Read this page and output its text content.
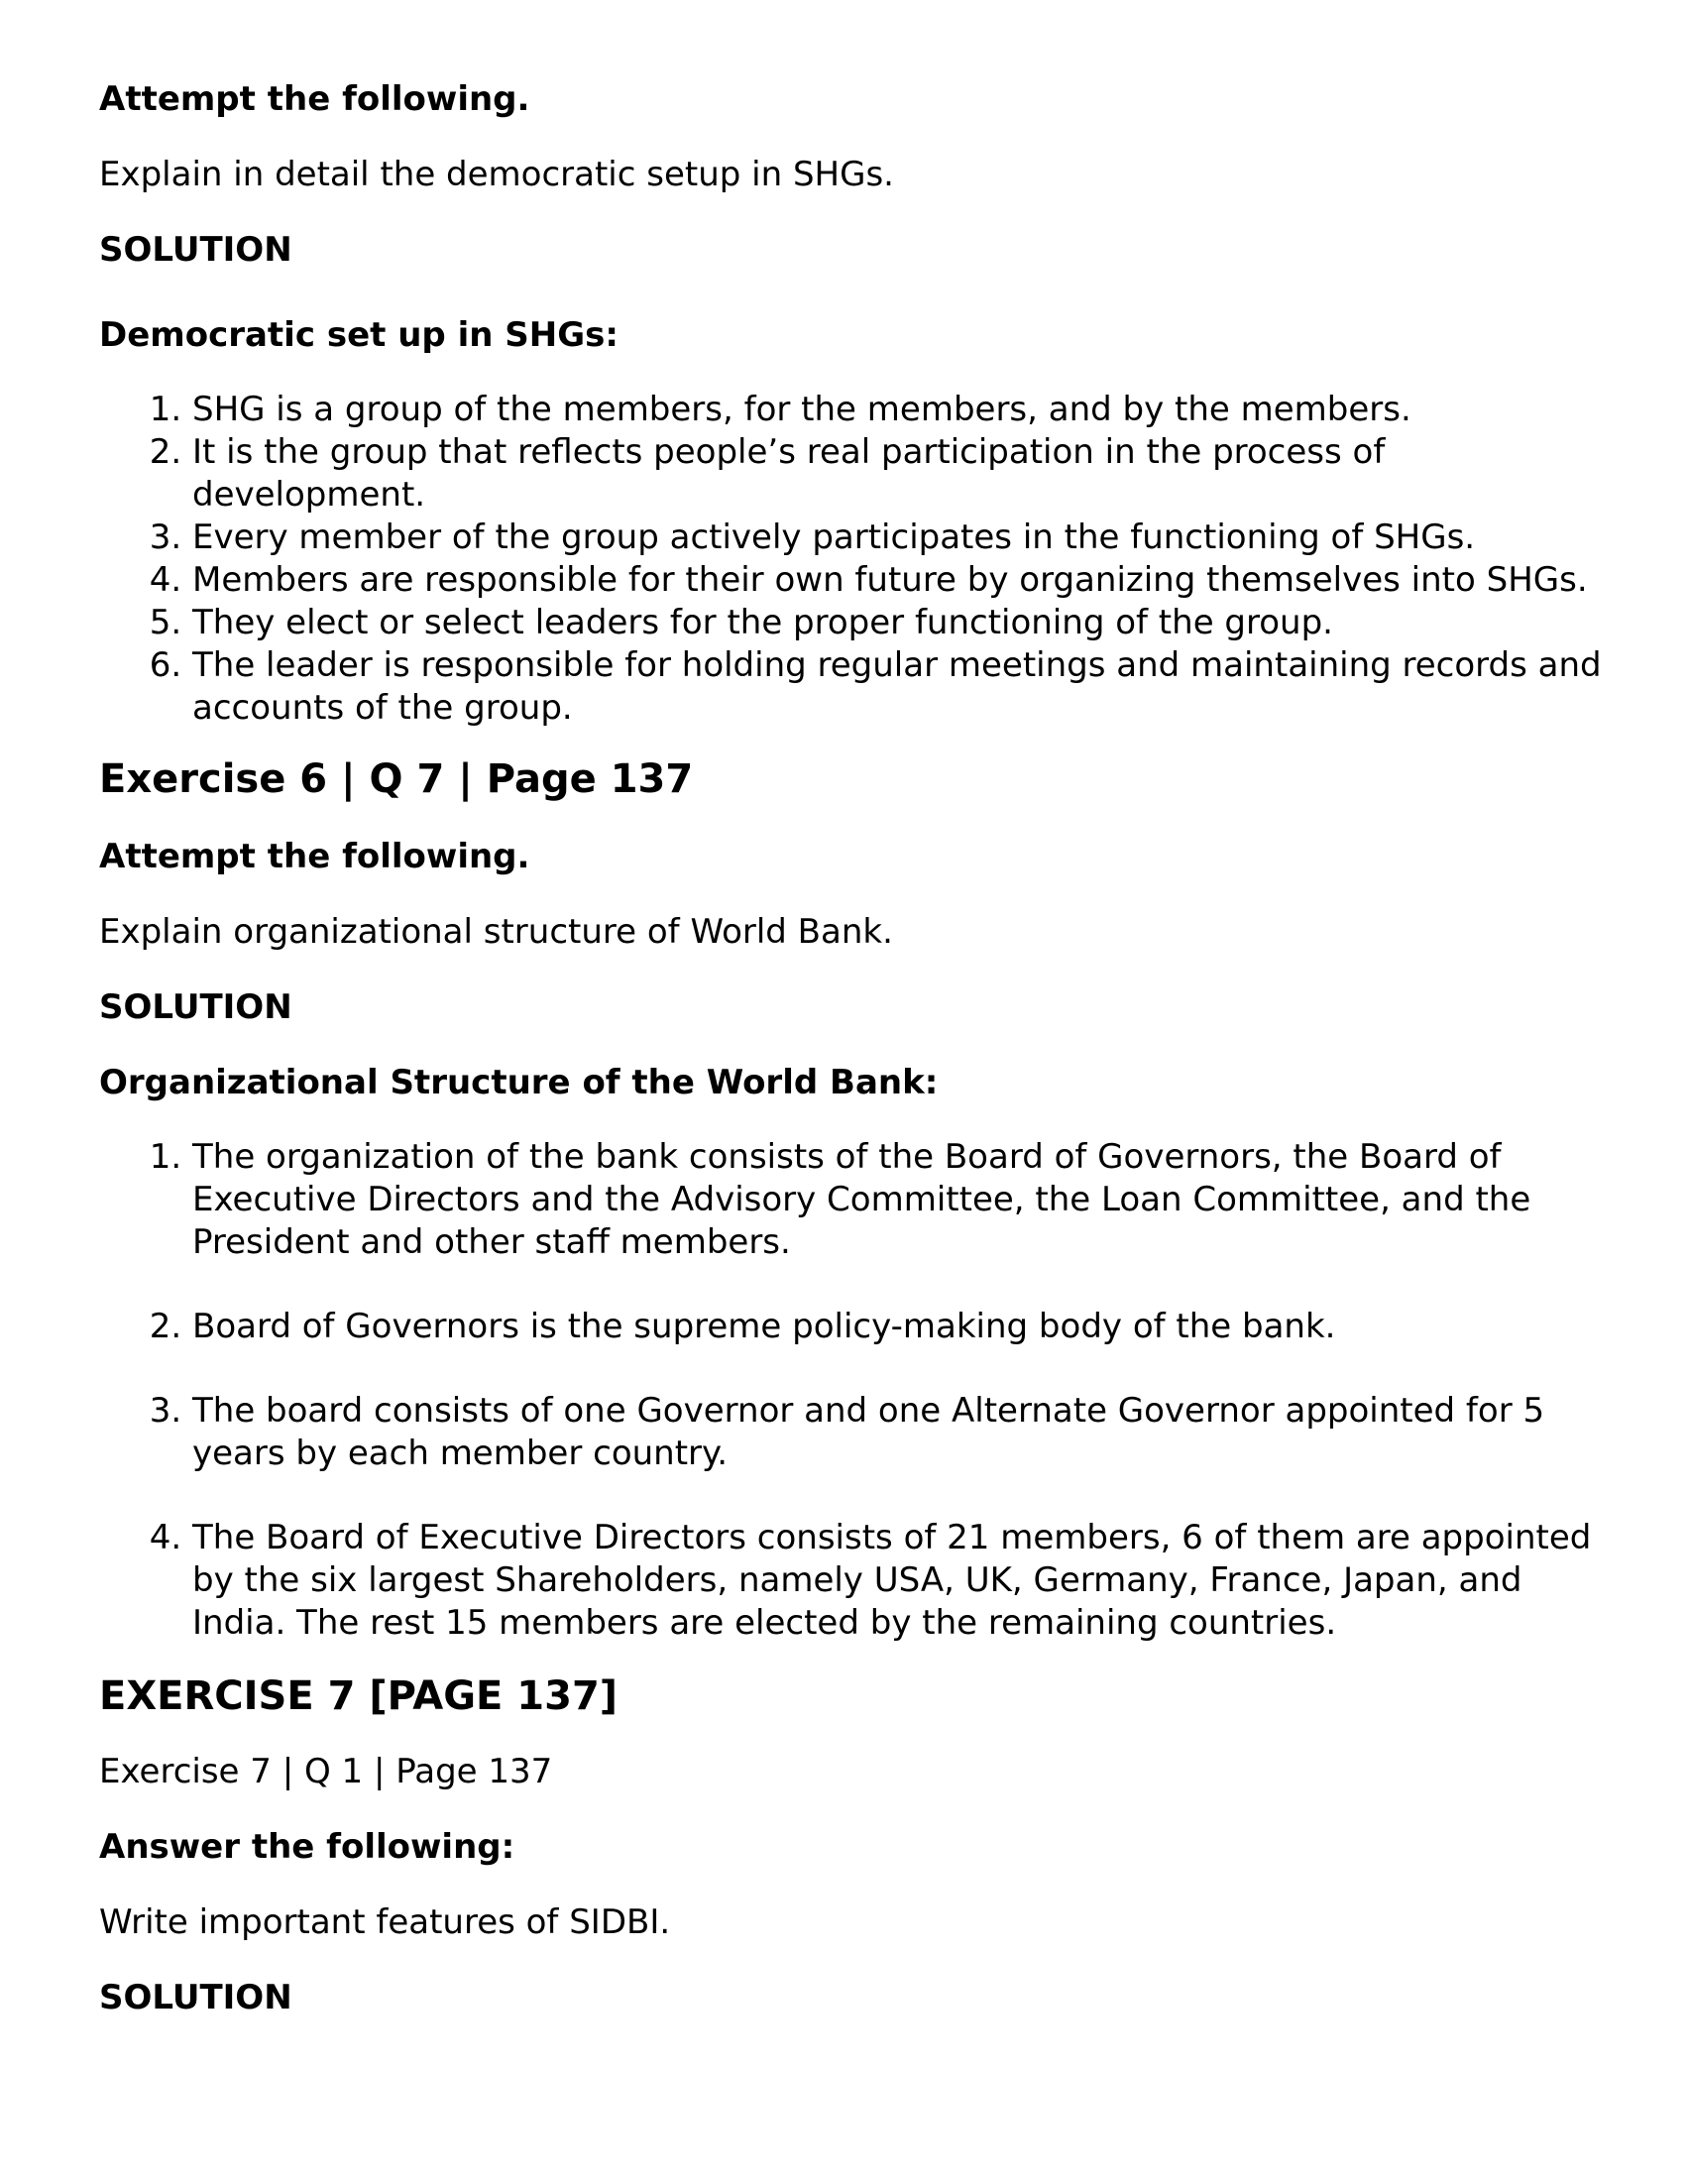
Attempt the following.

Explain in detail the democratic setup in SHGs.

SOLUTION

Democratic set up in SHGs:

1. SHG is a group of the members, for the members, and by the members.
2. It is the group that reflects people’s real participation in the process of development.
3. Every member of the group actively participates in the functioning of SHGs.
4. Members are responsible for their own future by organizing themselves into SHGs.
5. They elect or select leaders for the proper functioning of the group.
6. The leader is responsible for holding regular meetings and maintaining records and accounts of the group.

Exercise 6 | Q 7 | Page 137

Attempt the following.

Explain organizational structure of World Bank.

SOLUTION

Organizational Structure of the World Bank:

1. The organization of the bank consists of the Board of Governors, the Board of Executive Directors and the Advisory Committee, the Loan Committee, and the President and other staff members.
2. Board of Governors is the supreme policy-making body of the bank.
3. The board consists of one Governor and one Alternate Governor appointed for 5 years by each member country.
4. The Board of Executive Directors consists of 21 members, 6 of them are appointed by the six largest Shareholders, namely USA, UK, Germany, France, Japan, and India. The rest 15 members are elected by the remaining countries.

EXERCISE 7 [PAGE 137]

Exercise 7 | Q 1 | Page 137

Answer the following:

Write important features of SIDBI.

SOLUTION
